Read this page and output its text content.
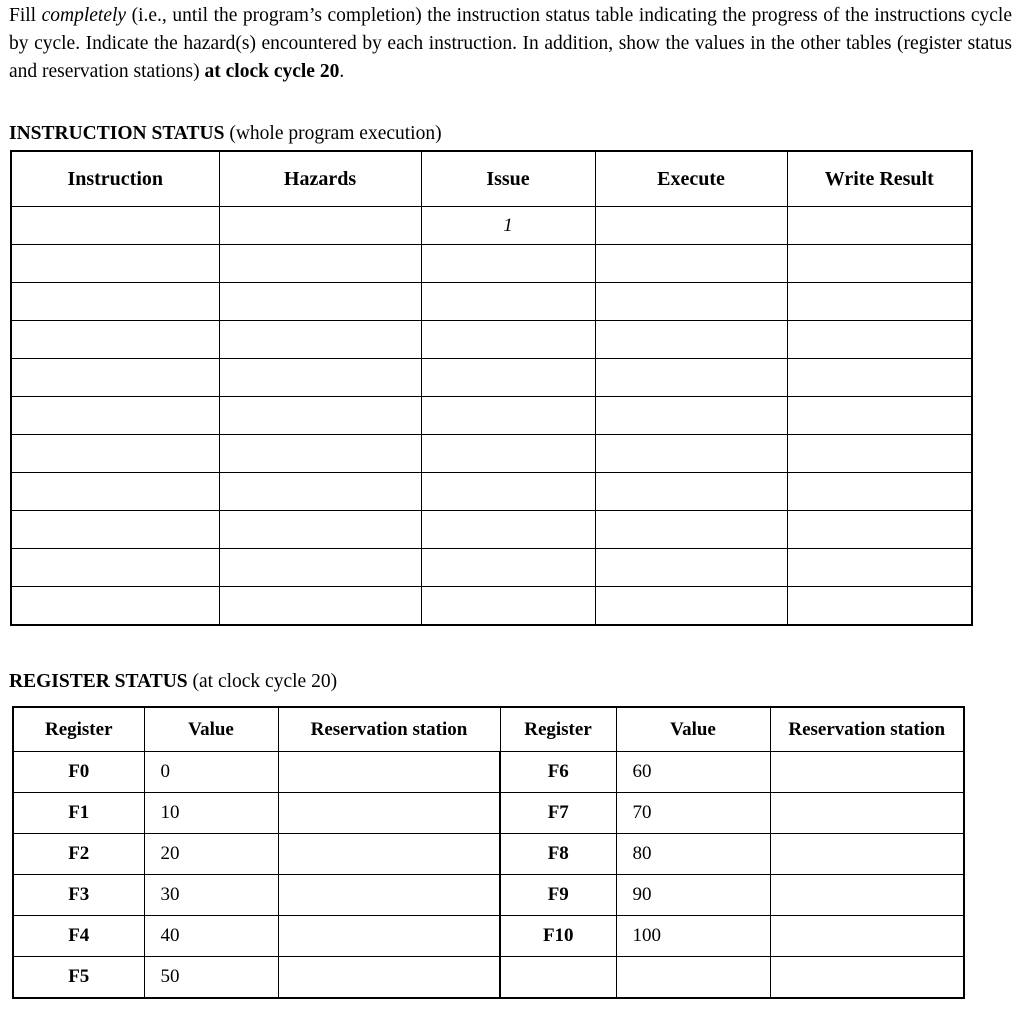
Fill completely (i.e., until the program’s completion) the instruction status table indicating the progress of the instructions cycle by cycle. Indicate the hazard(s) encountered by each instruction. In addition, show the values in the other tables (register status and reservation stations) at clock cycle 20.
INSTRUCTION STATUS (whole program execution)
Instruction	Hazards	Issue	Execute	Write Result
		1		

REGISTER STATUS (at clock cycle 20)
Register	Value	Reservation station	Register	Value	Reservation station
F0	0		F6	60	
F1	10		F7	70	
F2	20		F8	80	
F3	30		F9	90	
F4	40		F10	100	
F5	50				
